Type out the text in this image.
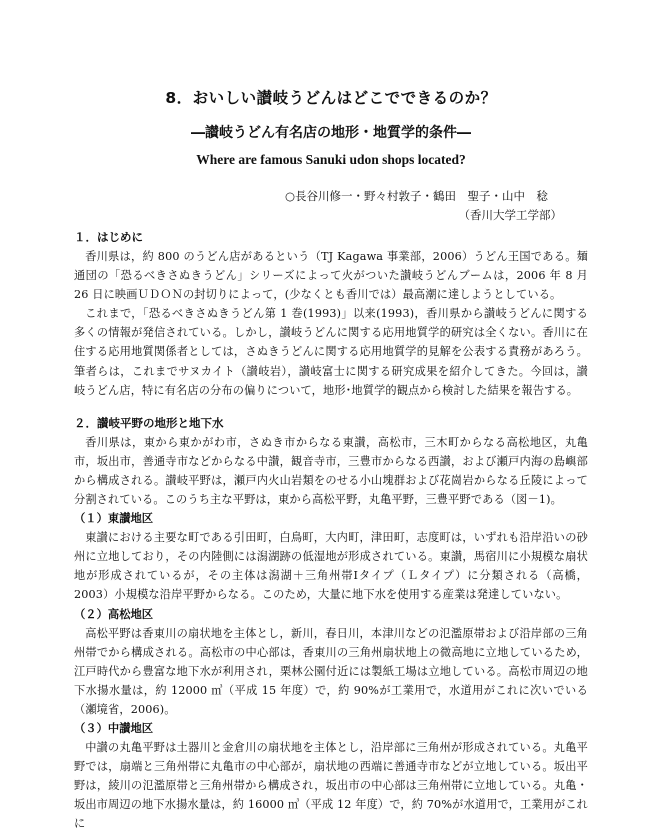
8．おいしい讃岐うどんはどこでできるのか？
―讃岐うどん有名店の地形・地質学的条件―
Where are famous Sanuki udon shops located?
○長谷川修一・野々村敦子・鶴田　聖子・山中　稔
（香川大学工学部）
１．はじめに

香川県は，約 800 のうどん店があるという（TJ Kagawa 事業部，2006）うどん王国である。麺通団の「恐るべきさぬきうどん」シリーズによって火がついた讃岐うどんブームは，2006 年 8 月 26 日に映画ＵＤＯＮの封切りによって，(少なくとも香川では）最高潮に達しようとしている。

これまで，「恐るべきさぬきうどん第 1 巻(1993)」以来(1993)，香川県から讃岐うどんに関する多くの情報が発信されている。しかし，讃岐うどんに関する応用地質学的研究は全くない。香川に在住する応用地質関係者としては，さぬきうどんに関する応用地質学的見解を公表する責務があろう。筆者らは，これまでサヌカイト（讃岐岩），讃岐富士に関する研究成果を紹介してきた。今回は，讃岐うどん店，特に有名店の分布の偏りについて，地形･地質学的観点から検討した結果を報告する。

２．讃岐平野の地形と地下水

香川県は，東から東かがわ市，さぬき市からなる東讃，高松市，三木町からなる高松地区，丸亀市，坂出市，善通寺市などからなる中讃，観音寺市，三豊市からなる西讃，および瀬戸内海の島嶼部から構成される。讃岐平野は，瀬戸内火山岩類をのせる小山塊群および花崗岩からなる丘陵によって分割されている。このうち主な平野は，東から高松平野，丸亀平野，三豊平野である（図－1)。

（１）東讃地区

東讃における主要な町である引田町，白鳥町，大内町，津田町，志度町は，いずれも沿岸沿いの砂州に立地しており，その内陸側には潟湖跡の低湿地が形成されている。東讃，馬宿川に小規模な扇状地が形成されているが，その主体は潟湖＋三角州帯Ⅰタイプ（Ｌタイプ）に分類される（高橋，2003）小規模な沿岸平野からなる。このため，大量に地下水を使用する産業は発達していない。

（２）高松地区

高松平野は香東川の扇状地を主体とし，新川，春日川，本津川などの氾濫原帯および沿岸部の三角州帯でから構成される。高松市の中心部は，香東川の三角州扇状地上の微高地に立地しているため，江戸時代から豊富な地下水が利用され，栗林公園付近には製紙工場は立地している。高松市周辺の地下水揚水量は，約 12000 ㎥（平成 15 年度）で，約 90%が工業用で，水道用がこれに次いでいる（瀬境省，2006)。

（３）中讃地区

中讃の丸亀平野は土器川と金倉川の扇状地を主体とし，沿岸部に三角州が形成されている。丸亀平野では，扇端と三角州帯に丸亀市の中心部が，扇状地の西端に善通寺市などが立地している。坂出平野は，綾川の氾濫原帯と三角州帯から構成され，坂出市の中心部は三角州帯に立地している。丸亀・坂出市周辺の地下水揚水量は，約 16000 ㎥（平成 12 年度）で，約 70%が水道用で，工業用がこれに
